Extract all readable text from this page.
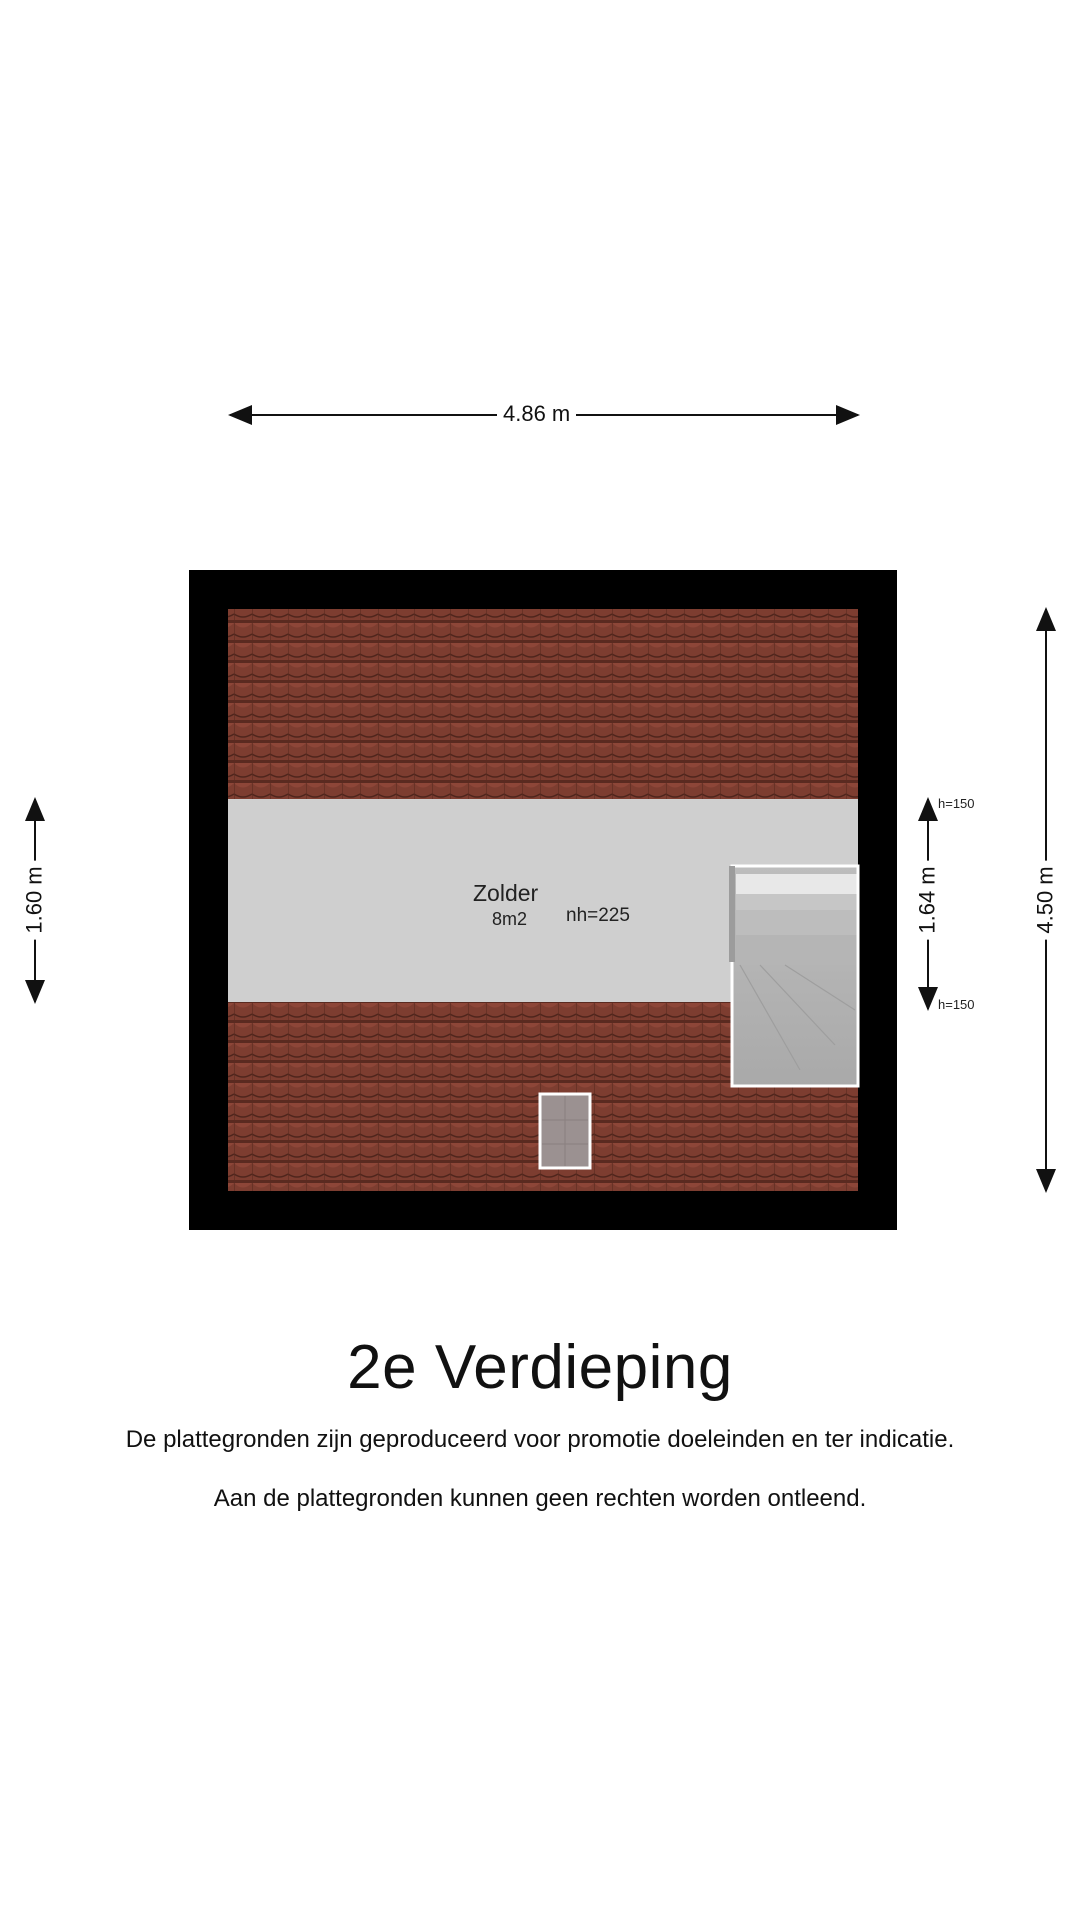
4.86 m
1.60 m	1.64 m	4.50 m
h=150
h=150
Zolder
8m2 nh=225
2e Verdieping
De plattegronden zijn geproduceerd voor promotie doeleinden en ter indicatie.
Aan de plattegronden kunnen geen rechten worden ontleend.
